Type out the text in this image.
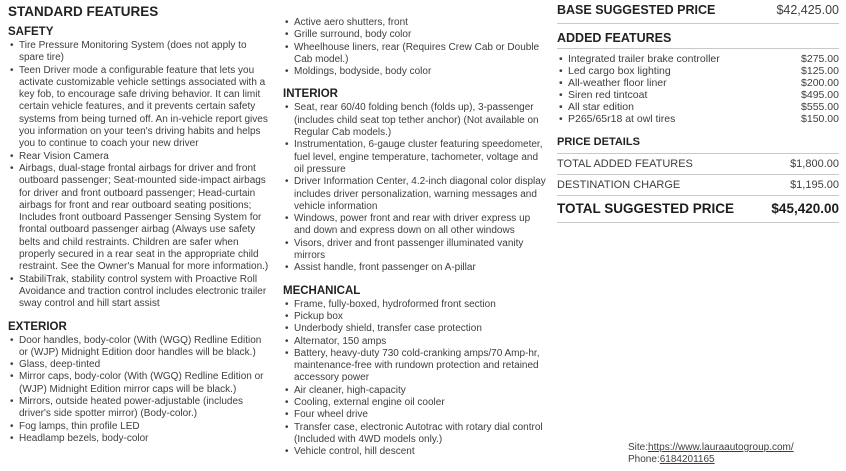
STANDARD FEATURES
SAFETY
• Tire Pressure Monitoring System (does not apply to spare tire)
• Teen Driver mode a configurable feature that lets you activate customizable vehicle settings associated with a key fob, to encourage safe driving behavior. It can limit certain vehicle features, and it prevents certain safety systems from being turned off. An in-vehicle report gives you information on your teen's driving habits and helps you to continue to coach your new driver
• Rear Vision Camera
• Airbags, dual-stage frontal airbags for driver and front outboard passenger; Seat-mounted side-impact airbags for driver and front outboard passenger; Head-curtain airbags for front and rear outboard seating positions; Includes front outboard Passenger Sensing System for frontal outboard passenger airbag (Always use safety belts and child restraints. Children are safer when properly secured in a rear seat in the appropriate child restraint. See the Owner's Manual for more information.)
• StabiliTrak, stability control system with Proactive Roll Avoidance and traction control includes electronic trailer sway control and hill start assist
EXTERIOR
• Door handles, body-color (With (WGQ) Redline Edition or (WJP) Midnight Edition door handles will be black.)
• Glass, deep-tinted
• Mirror caps, body-color (With (WGQ) Redline Edition or (WJP) Midnight Edition mirror caps will be black.)
• Mirrors, outside heated power-adjustable (includes driver's side spotter mirror) (Body-color.)
• Fog lamps, thin profile LED
• Headlamp bezels, body-color
• Active aero shutters, front
• Grille surround, body color
• Wheelhouse liners, rear (Requires Crew Cab or Double Cab model.)
• Moldings, bodyside, body color
INTERIOR
• Seat, rear 60/40 folding bench (folds up), 3-passenger (includes child seat top tether anchor) (Not available on Regular Cab models.)
• Instrumentation, 6-gauge cluster featuring speedometer, fuel level, engine temperature, tachometer, voltage and oil pressure
• Driver Information Center, 4.2-inch diagonal color display includes driver personalization, warning messages and vehicle information
• Windows, power front and rear with driver express up and down and express down on all other windows
• Visors, driver and front passenger illuminated vanity mirrors
• Assist handle, front passenger on A-pillar
MECHANICAL
• Frame, fully-boxed, hydroformed front section
• Pickup box
• Underbody shield, transfer case protection
• Alternator, 150 amps
• Battery, heavy-duty 730 cold-cranking amps/70 Amp-hr, maintenance-free with rundown protection and retained accessory power
• Air cleaner, high-capacity
• Cooling, external engine oil cooler
• Four wheel drive
• Transfer case, electronic Autotrac with rotary dial control (Included with 4WD models only.)
• Vehicle control, hill descent
BASE SUGGESTED PRICE	$42,425.00
ADDED FEATURES
• Integrated trailer brake controller	$275.00
• Led cargo box lighting	$125.00
• All-weather floor liner	$200.00
• Siren red tintcoat	$495.00
• All star edition	$555.00
• P265/65r18 at owl tires	$150.00
PRICE DETAILS
TOTAL ADDED FEATURES	$1,800.00
DESTINATION CHARGE	$1,195.00
TOTAL SUGGESTED PRICE	$45,420.00
Site:https://www.lauraautogroup.com/
Phone:6184201165
